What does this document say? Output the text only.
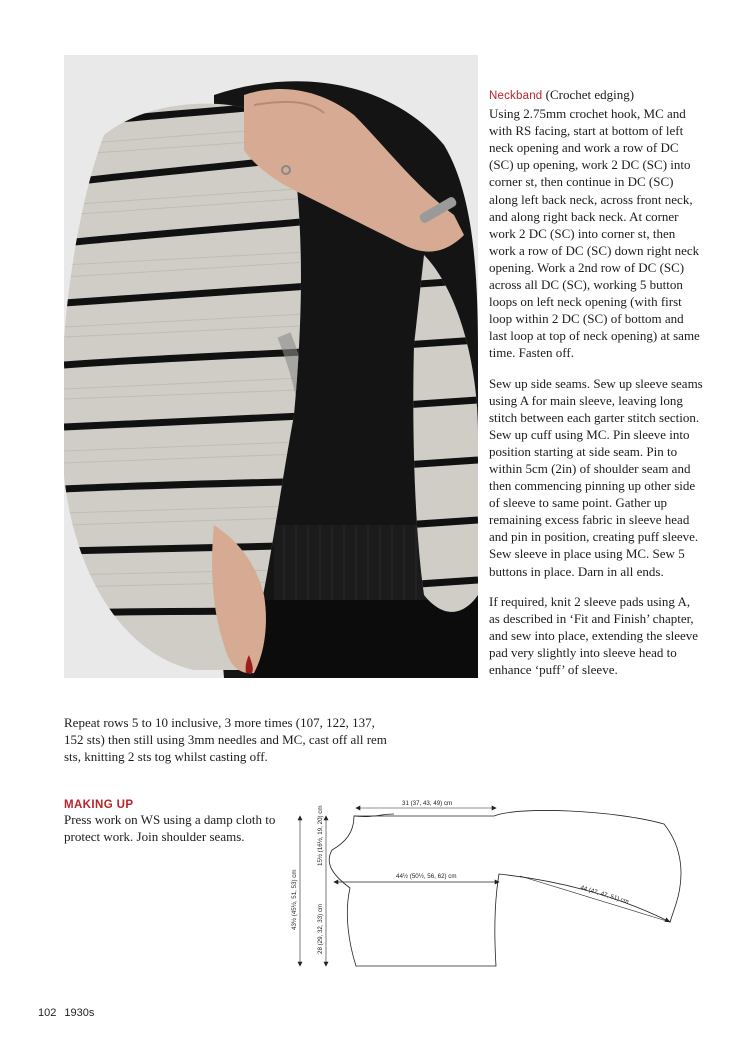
Neckband (Crochet edging)
Using 2.75mm crochet hook, MC and with RS facing, start at bottom of left neck opening and work a row of DC (SC) up opening, work 2 DC (SC) into corner st, then continue in DC (SC) along left back neck, across front neck, and along right back neck. At corner work 2 DC (SC) into corner st, then work a row of DC (SC) down right neck opening. Work a 2nd row of DC (SC) across all DC (SC), working 5 button loops on left neck opening (with first loop within 2 DC (SC) of bottom and last loop at top of neck opening) at same time. Fasten off.

Sew up side seams. Sew up sleeve seams using A for main sleeve, leaving long stitch between each garter stitch section. Sew up cuff using MC. Pin sleeve into position starting at side seam. Pin to within 5cm (2in) of shoulder seam and then commencing pinning up other side of sleeve to same point. Gather up remaining excess fabric in sleeve head and pin in position, creating puff sleeve. Sew sleeve in place using MC. Sew 5 buttons in place. Darn in all ends.

If required, knit 2 sleeve pads using A, as described in ‘Fit and Finish’ chapter, and sew into place, extending the sleeve pad very slightly into sleeve head to enhance ‘puff’ of sleeve.

Repeat rows 5 to 10 inclusive, 3 more times (107, 122, 137, 152 sts) then still using 3mm needles and MC, cast off all rem sts, knitting 2 sts tog whilst casting off.

MAKING UP

Press work on WS using a damp cloth to protect work. Join shoulder seams.

31 (37, 43, 49) cm
44½ (50½, 56, 62) cm
44 (47, 47, 51) cm
43½ (45½, 51, 53) cm
15½ (16½, 19, 20) cm
28 (29, 32, 33) cm
102 1930s
